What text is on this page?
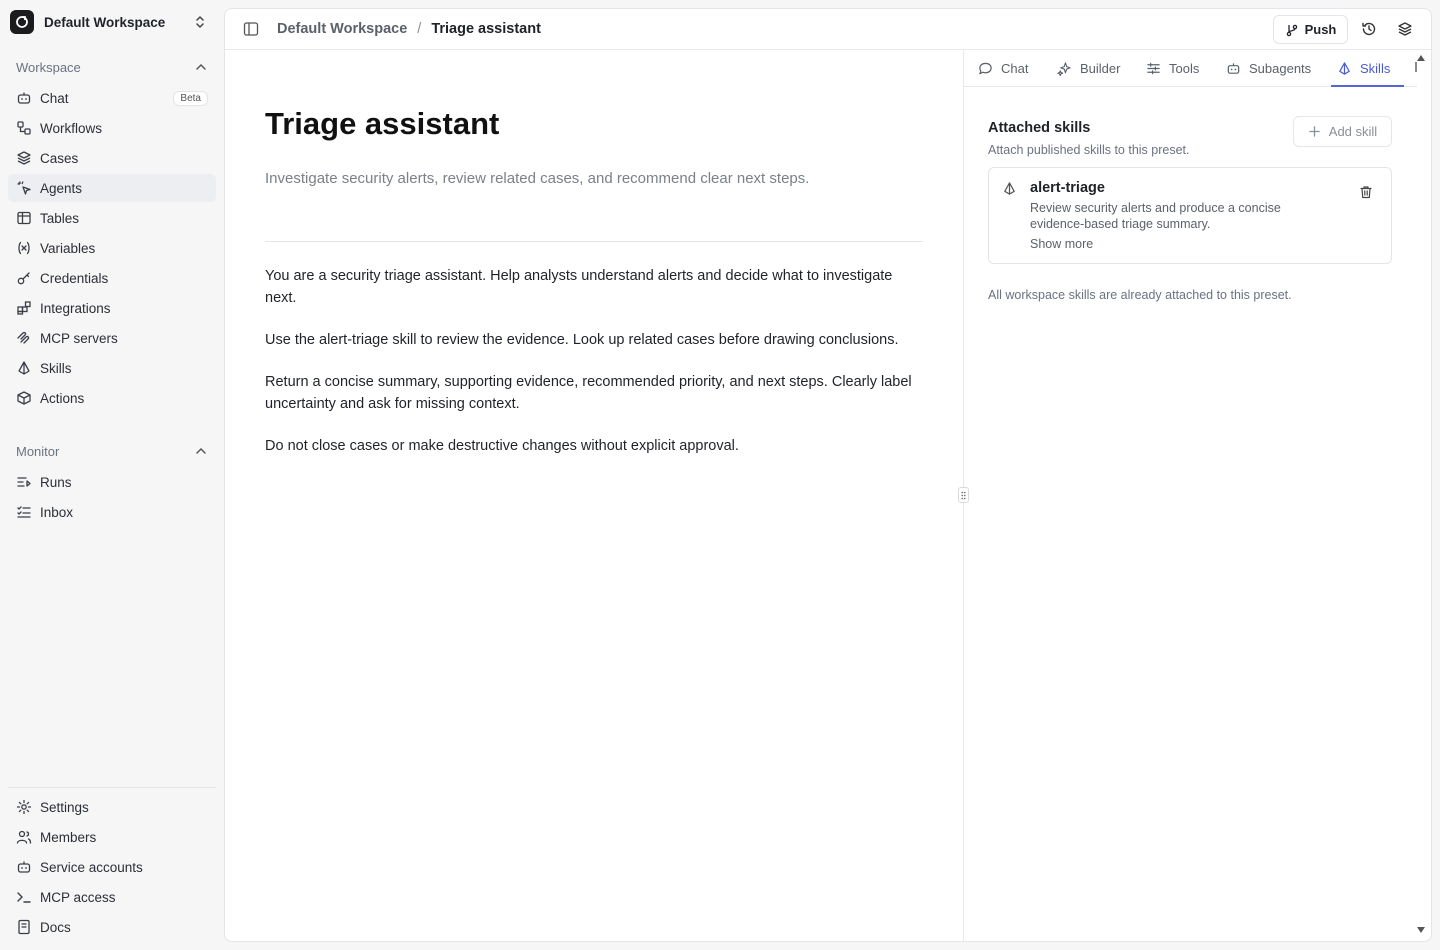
Default Workspace
Workspace
Chat	Beta
Workflows
Cases
Agents
Tables
Variables
Credentials
Integrations
MCP servers
Skills
Actions
Monitor
Runs
Inbox
Settings
Members
Service accounts
MCP access
Docs
Default Workspace / Triage assistant	Push
Triage assistant
Investigate security alerts, review related cases, and recommend clear next steps.

You are a security triage assistant. Help analysts understand alerts and decide what to investigate next.

Use the alert-triage skill to review the evidence. Look up related cases before drawing conclusions.

Return a concise summary, supporting evidence, recommended priority, and next steps. Clearly label uncertainty and ask for missing context.

Do not close cases or make destructive changes without explicit approval.

Chat	Builder	Tools	Subagents	Skills
Attached skills
Attach published skills to this preset.
Add skill
alert-triage
Review security alerts and produce a concise evidence-based triage summary.
Show more
All workspace skills are already attached to this preset.
